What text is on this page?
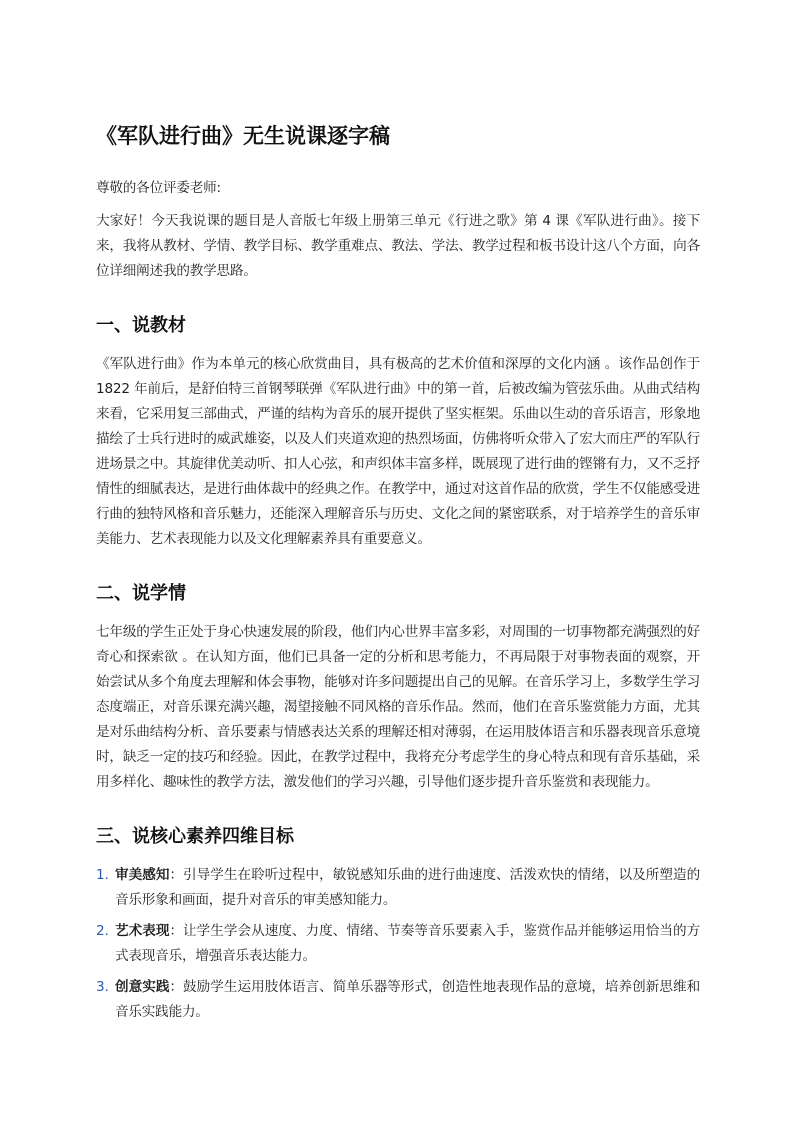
《军队进行曲》无生说课逐字稿

尊敬的各位评委老师:

大家好！今天我说课的题目是人音版七年级上册第三单元《行进之歌》第 4 课《军队进行曲》。接下来，我将从教材、学情、教学目标、教学重难点、教法、学法、教学过程和板书设计这八个方面，向各位详细阐述我的教学思路。

一、说教材

《军队进行曲》作为本单元的核心欣赏曲目，具有极高的艺术价值和深厚的文化内涵 。该作品创作于 1822 年前后，是舒伯特三首钢琴联弹《军队进行曲》中的第一首，后被改编为管弦乐曲。从曲式结构来看，它采用复三部曲式，严谨的结构为音乐的展开提供了坚实框架。乐曲以生动的音乐语言，形象地描绘了士兵行进时的威武雄姿，以及人们夹道欢迎的热烈场面，仿佛将听众带入了宏大而庄严的军队行进场景之中。其旋律优美动听、扣人心弦，和声织体丰富多样，既展现了进行曲的铿锵有力，又不乏抒情性的细腻表达，是进行曲体裁中的经典之作。在教学中，通过对这首作品的欣赏，学生不仅能感受进行曲的独特风格和音乐魅力，还能深入理解音乐与历史、文化之间的紧密联系，对于培养学生的音乐审美能力、艺术表现能力以及文化理解素养具有重要意义。

二、说学情

七年级的学生正处于身心快速发展的阶段，他们内心世界丰富多彩，对周围的一切事物都充满强烈的好奇心和探索欲 。在认知方面，他们已具备一定的分析和思考能力，不再局限于对事物表面的观察，开始尝试从多个角度去理解和体会事物，能够对许多问题提出自己的见解。在音乐学习上，多数学生学习态度端正，对音乐课充满兴趣，渴望接触不同风格的音乐作品。然而，他们在音乐鉴赏能力方面，尤其是对乐曲结构分析、音乐要素与情感表达关系的理解还相对薄弱，在运用肢体语言和乐器表现音乐意境时，缺乏一定的技巧和经验。因此，在教学过程中，我将充分考虑学生的身心特点和现有音乐基础，采用多样化、趣味性的教学方法，激发他们的学习兴趣，引导他们逐步提升音乐鉴赏和表现能力。

三、说核心素养四维目标
1. 审美感知：引导学生在聆听过程中，敏锐感知乐曲的进行曲速度、活泼欢快的情绪，以及所塑造的音乐形象和画面，提升对音乐的审美感知能力。
2. 艺术表现：让学生学会从速度、力度、情绪、节奏等音乐要素入手，鉴赏作品并能够运用恰当的方式表现音乐，增强音乐表达能力。
3. 创意实践：鼓励学生运用肢体语言、简单乐器等形式，创造性地表现作品的意境，培养创新思维和音乐实践能力。
